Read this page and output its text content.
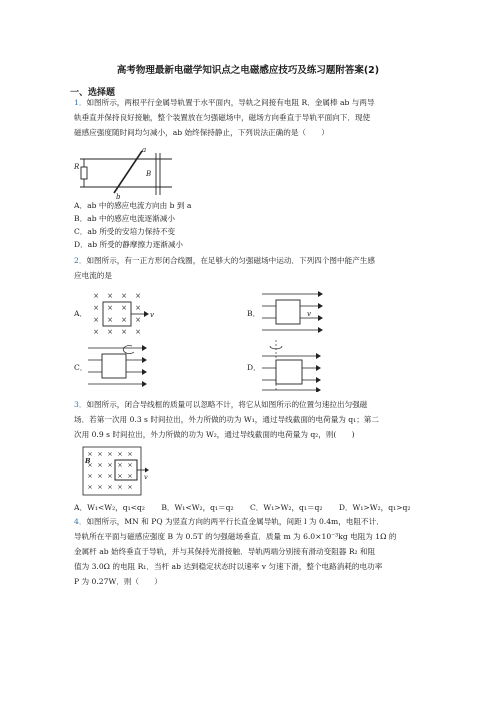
高考物理最新电磁学知识点之电磁感应技巧及练习题附答案(2)
一、选择题
1．如图所示，两根平行金属导轨置于水平面内，导轨之间接有电阻 R．金属棒 ab 与两导
轨垂直并保持良好接触，整个装置放在匀强磁场中，磁场方向垂直于导轨平面向下．现使
磁感应强度随时间均匀减小，ab 始终保持静止，下列说法正确的是（　　）
R
a
b
B
A．ab 中的感应电流方向由 b 到 a
B．ab 中的感应电流逐渐减小
C．ab 所受的安培力保持不变
D．ab 所受的静摩擦力逐渐减小
2．如图所示，有一正方形闭合线圈，在足够大的匀强磁场中运动．下列四个图中能产生感
应电流的是
A．
× × × ×
× × × ×
× × × ×
× × × ×
v	B．	v
C．	D．
3．如图所示，闭合导线框的质量可以忽略不计，将它从如图所示的位置匀速拉出匀强磁
场．若第一次用 0.3 s 时间拉出，外力所做的功为 W₁，通过导线截面的电荷量为 q₁；第二
次用 0.9 s 时间拉出，外力所做的功为 W₂，通过导线截面的电荷量为 q₂，则(　　)
× × × × ×
× × × × ×
× × × × ×
× × × × ×
B
v
A．W₁<W₂，q₁<q₂ B．W₁<W₂，q₁＝q₂ C．W₁>W₂，q₁＝q₂ D．W₁>W₂，q₁>q₂
4．如图所示，MN 和 PQ 为竖直方向的两平行长直金属导轨，间距 l 为 0.4m，电阻不计．
导轨所在平面与磁感应强度 B 为 0.5T 的匀强磁场垂直．质量 m 为 6.0×10⁻³kg 电阻为 1Ω 的
金属杆 ab 始终垂直于导轨，并与其保持光滑接触．导轨两端分别接有滑动变阻器 R₂ 和阻
值为 3.0Ω 的电阻 R₁．当杆 ab 达到稳定状态时以速率 v 匀速下滑，整个电路消耗的电功率
P 为 0.27W．则（　　）
